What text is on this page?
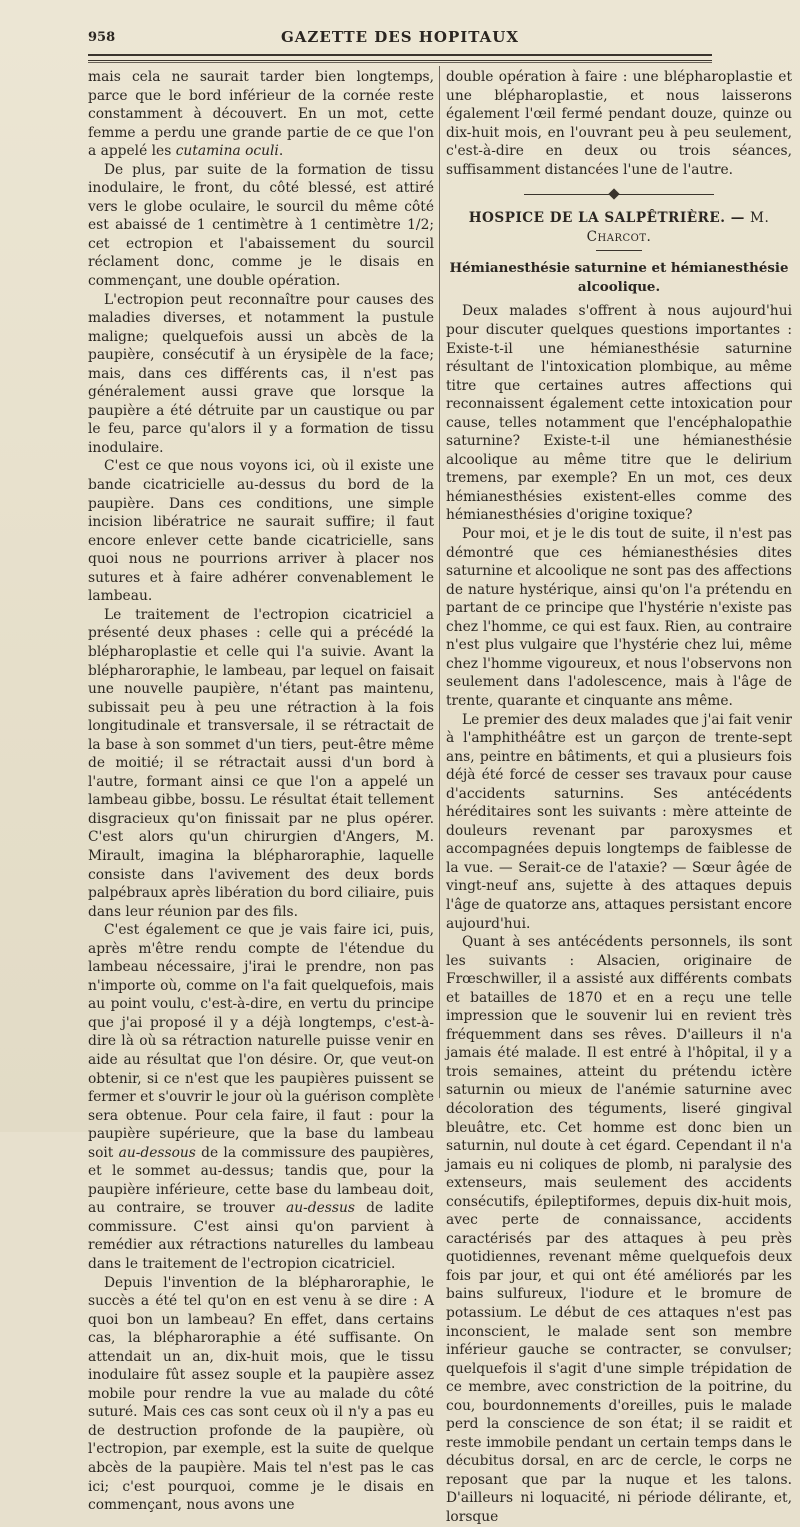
958	GAZETTE DES HOPITAUX

mais cela ne saurait tarder bien longtemps, parce que le bord inférieur de la cornée reste constamment à découvert. En un mot, cette femme a perdu une grande partie de ce que l'on a appelé les cutamina oculi.

De plus, par suite de la formation de tissu inodulaire, le front, du côté blessé, est attiré vers le globe oculaire, le sourcil du même côté est abaissé de 1 centimètre à 1 centimètre 1/2; cet ectropion et l'abaissement du sourcil réclament donc, comme je le disais en commençant, une double opération.

L'ectropion peut reconnaître pour causes des maladies diverses, et notamment la pustule maligne; quelquefois aussi un abcès de la paupière, consécutif à un érysipèle de la face; mais, dans ces différents cas, il n'est pas généralement aussi grave que lorsque la paupière a été détruite par un caustique ou par le feu, parce qu'alors il y a formation de tissu inodulaire.

C'est ce que nous voyons ici, où il existe une bande cicatricielle au-dessus du bord de la paupière. Dans ces conditions, une simple incision libératrice ne saurait suffire; il faut encore enlever cette bande cicatricielle, sans quoi nous ne pourrions arriver à placer nos sutures et à faire adhérer convenablement le lambeau.

Le traitement de l'ectropion cicatriciel a présenté deux phases : celle qui a précédé la blépharoplastie et celle qui l'a suivie. Avant la blépharoraphie, le lambeau, par lequel on faisait une nouvelle paupière, n'étant pas maintenu, subissait peu à peu une rétraction à la fois longitudinale et transversale, il se rétractait de la base à son sommet d'un tiers, peut-être même de moitié; il se rétractait aussi d'un bord à l'autre, formant ainsi ce que l'on a appelé un lambeau gibbe, bossu. Le résultat était tellement disgracieux qu'on finissait par ne plus opérer. C'est alors qu'un chirurgien d'Angers, M. Mirault, imagina la blépharoraphie, laquelle consiste dans l'avivement des deux bords palpébraux après libération du bord ciliaire, puis dans leur réunion par des fils.

C'est également ce que je vais faire ici, puis, après m'être rendu compte de l'étendue du lambeau nécessaire, j'irai le prendre, non pas n'importe où, comme on l'a fait quelquefois, mais au point voulu, c'est-à-dire, en vertu du principe que j'ai proposé il y a déjà longtemps, c'est-à-dire là où sa rétraction naturelle puisse venir en aide au résultat que l'on désire. Or, que veut-on obtenir, si ce n'est que les paupières puissent se fermer et s'ouvrir le jour où la guérison complète sera obtenue. Pour cela faire, il faut : pour la paupière supérieure, que la base du lambeau soit au-dessous de la commissure des paupières, et le sommet au-dessus; tandis que, pour la paupière inférieure, cette base du lambeau doit, au contraire, se trouver au-dessus de ladite commissure. C'est ainsi qu'on parvient à remédier aux rétractions naturelles du lambeau dans le traitement de l'ectropion cicatriciel.

Depuis l'invention de la blépharoraphie, le succès a été tel qu'on en est venu à se dire : A quoi bon un lambeau? En effet, dans certains cas, la blépharoraphie a été suffisante. On attendait un an, dix-huit mois, que le tissu inodulaire fût assez souple et la paupière assez mobile pour rendre la vue au malade du côté suturé. Mais ces cas sont ceux où il n'y a pas eu de destruction profonde de la paupière, où l'ectropion, par exemple, est la suite de quelque abcès de la paupière. Mais tel n'est pas le cas ici; c'est pourquoi, comme je le disais en commençant, nous avons une

double opération à faire : une blépharoplastie et une blépharoplastie, et nous laisserons également l'œil fermé pendant douze, quinze ou dix-huit mois, en l'ouvrant peu à peu seulement, c'est-à-dire en deux ou trois séances, suffisamment distancées l'une de l'autre.

HOSPICE DE LA SALPÊTRIÈRE. — M. Charcot.
Hémianesthésie saturnine et hémianesthésie alcoolique.

Deux malades s'offrent à nous aujourd'hui pour discuter quelques questions importantes : Existe-t-il une hémianesthésie saturnine résultant de l'intoxication plombique, au même titre que certaines autres affections qui reconnaissent également cette intoxication pour cause, telles notamment que l'encéphalopathie saturnine? Existe-t-il une hémianesthésie alcoolique au même titre que le delirium tremens, par exemple? En un mot, ces deux hémianesthésies existent-elles comme des hémianesthésies d'origine toxique?

Pour moi, et je le dis tout de suite, il n'est pas démontré que ces hémianesthésies dites saturnine et alcoolique ne sont pas des affections de nature hystérique, ainsi qu'on l'a prétendu en partant de ce principe que l'hystérie n'existe pas chez l'homme, ce qui est faux. Rien, au contraire n'est plus vulgaire que l'hystérie chez lui, même chez l'homme vigoureux, et nous l'observons non seulement dans l'adolescence, mais à l'âge de trente, quarante et cinquante ans même.

Le premier des deux malades que j'ai fait venir à l'amphithéâtre est un garçon de trente-sept ans, peintre en bâtiments, et qui a plusieurs fois déjà été forcé de cesser ses travaux pour cause d'accidents saturnins. Ses antécédents héréditaires sont les suivants : mère atteinte de douleurs revenant par paroxysmes et accompagnées depuis longtemps de faiblesse de la vue. — Serait-ce de l'ataxie? — Sœur âgée de vingt-neuf ans, sujette à des attaques depuis l'âge de quatorze ans, attaques persistant encore aujourd'hui.

Quant à ses antécédents personnels, ils sont les suivants : Alsacien, originaire de Frœschwiller, il a assisté aux différents combats et batailles de 1870 et en a reçu une telle impression que le souvenir lui en revient très fréquemment dans ses rêves. D'ailleurs il n'a jamais été malade. Il est entré à l'hôpital, il y a trois semaines, atteint du prétendu ictère saturnin ou mieux de l'anémie saturnine avec décoloration des téguments, liseré gingival bleuâtre, etc. Cet homme est donc bien un saturnin, nul doute à cet égard. Cependant il n'a jamais eu ni coliques de plomb, ni paralysie des extenseurs, mais seulement des accidents consécutifs, épileptiformes, depuis dix-huit mois, avec perte de connaissance, accidents caractérisés par des attaques à peu près quotidiennes, revenant même quelquefois deux fois par jour, et qui ont été améliorés par les bains sulfureux, l'iodure et le bromure de potassium. Le début de ces attaques n'est pas inconscient, le malade sent son membre inférieur gauche se contracter, se convulser; quelquefois il s'agit d'une simple trépidation de ce membre, avec constriction de la poitrine, du cou, bourdonnements d'oreilles, puis le malade perd la conscience de son état; il se raidit et reste immobile pendant un certain temps dans le décubitus dorsal, en arc de cercle, le corps ne reposant que par la nuque et les talons. D'ailleurs ni loquacité, ni période délirante, et, lorsque
